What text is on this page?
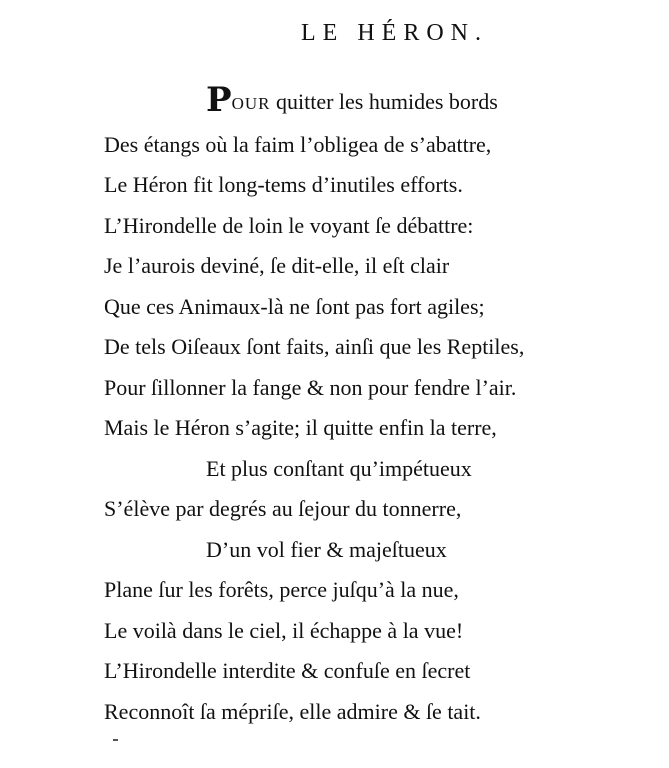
LE HÉRON.
POUR quitter les humides bords
Des étangs où la faim l’obligea de s’abattre,
Le Héron fit long-tems d’inutiles efforts.
L’Hirondelle de loin le voyant ſe débattre:
Je l’aurois deviné, ſe dit-elle, il eſt clair
Que ces Animaux-là ne ſont pas fort agiles;
De tels Oiſeaux ſont faits, ainſi que les Reptiles,
Pour ſillonner la fange & non pour fendre l’air.
Mais le Héron s’agite; il quitte enfin la terre,
Et plus conſtant qu’impétueux
S’élève par degrés au ſejour du tonnerre,
D’un vol fier & majeſtueux
Plane ſur les forêts, perce juſqu’à la nue,
Le voilà dans le ciel, il échappe à la vue!
L’Hirondelle interdite & confuſe en ſecret
Reconnoît ſa mépriſe, elle admire & ſe tait.
